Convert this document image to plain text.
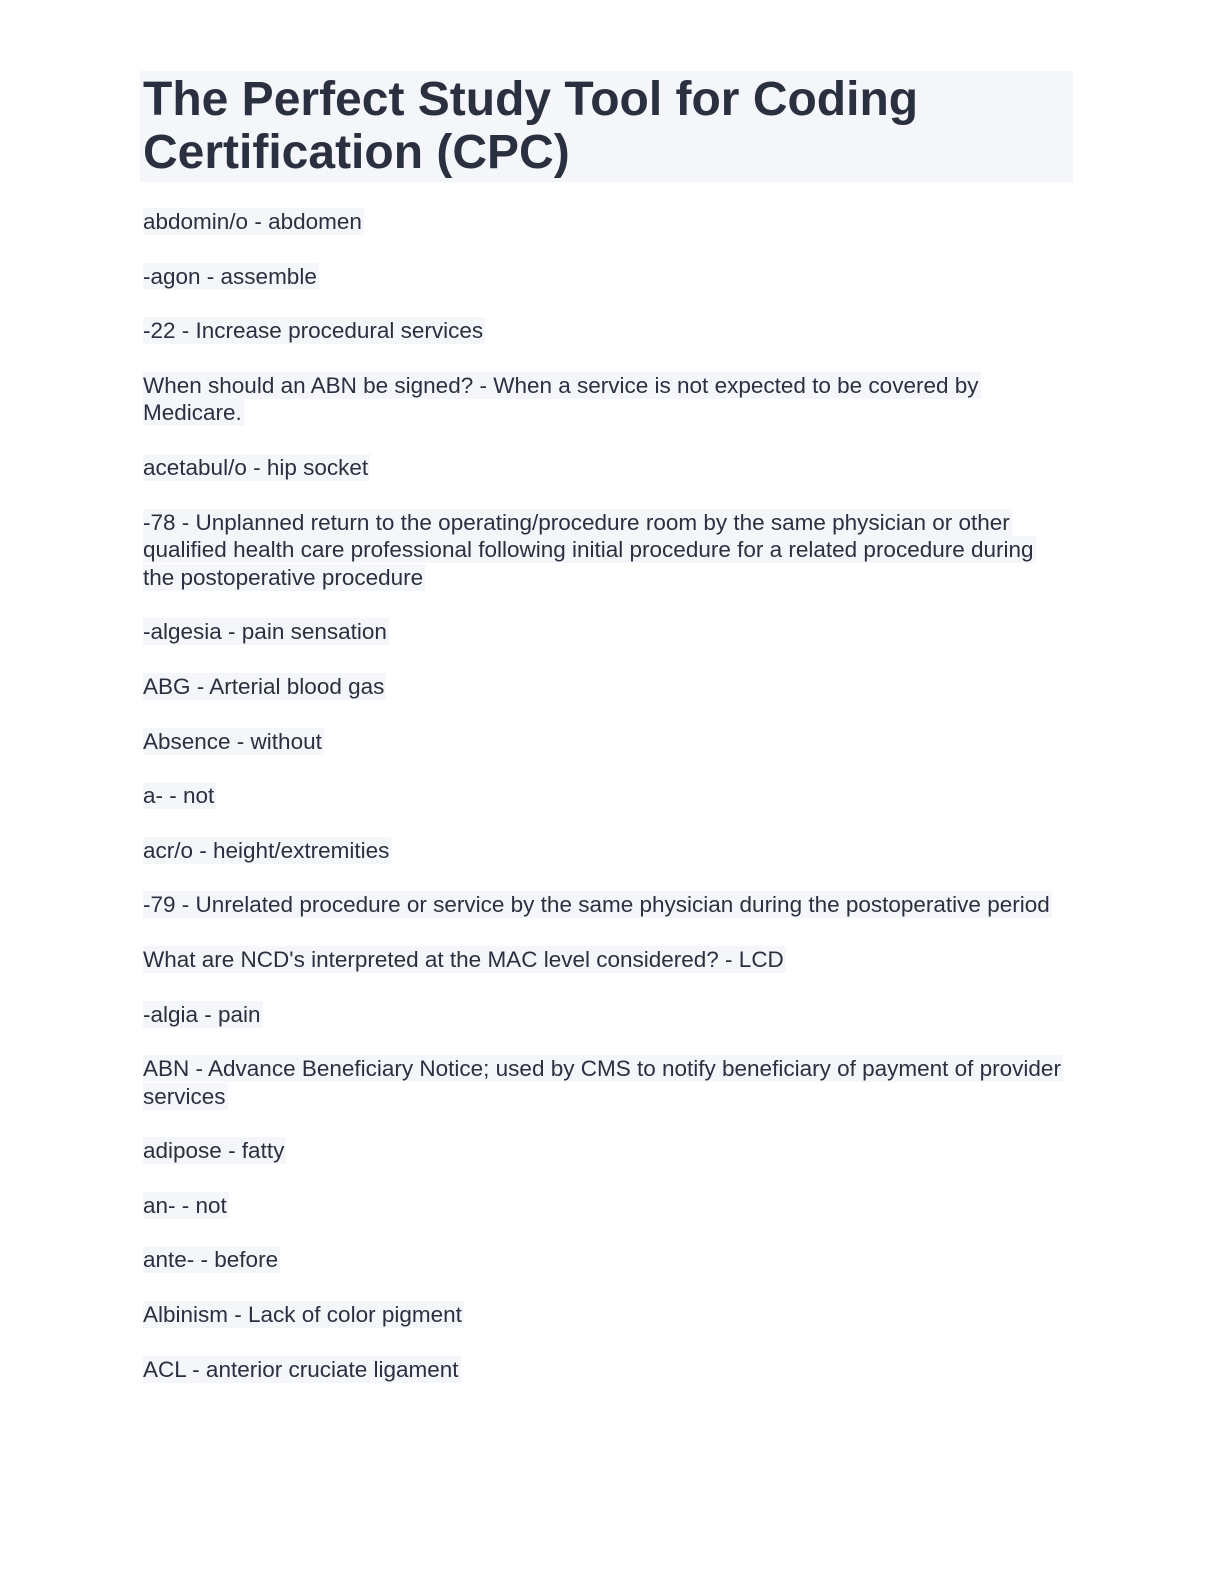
The Perfect Study Tool for Coding Certification (CPC)

abdomin/o - abdomen

-agon - assemble

-22 - Increase procedural services

When should an ABN be signed? - When a service is not expected to be covered by Medicare.

acetabul/o - hip socket

-78 - Unplanned return to the operating/procedure room by the same physician or other qualified health care professional following initial procedure for a related procedure during the postoperative procedure

-algesia - pain sensation

ABG - Arterial blood gas

Absence - without

a- - not

acr/o - height/extremities

-79 - Unrelated procedure or service by the same physician during the postoperative period

What are NCD's interpreted at the MAC level considered? - LCD

-algia - pain

ABN - Advance Beneficiary Notice; used by CMS to notify beneficiary of payment of provider services

adipose - fatty

an- - not

ante- - before

Albinism - Lack of color pigment

ACL - anterior cruciate ligament
